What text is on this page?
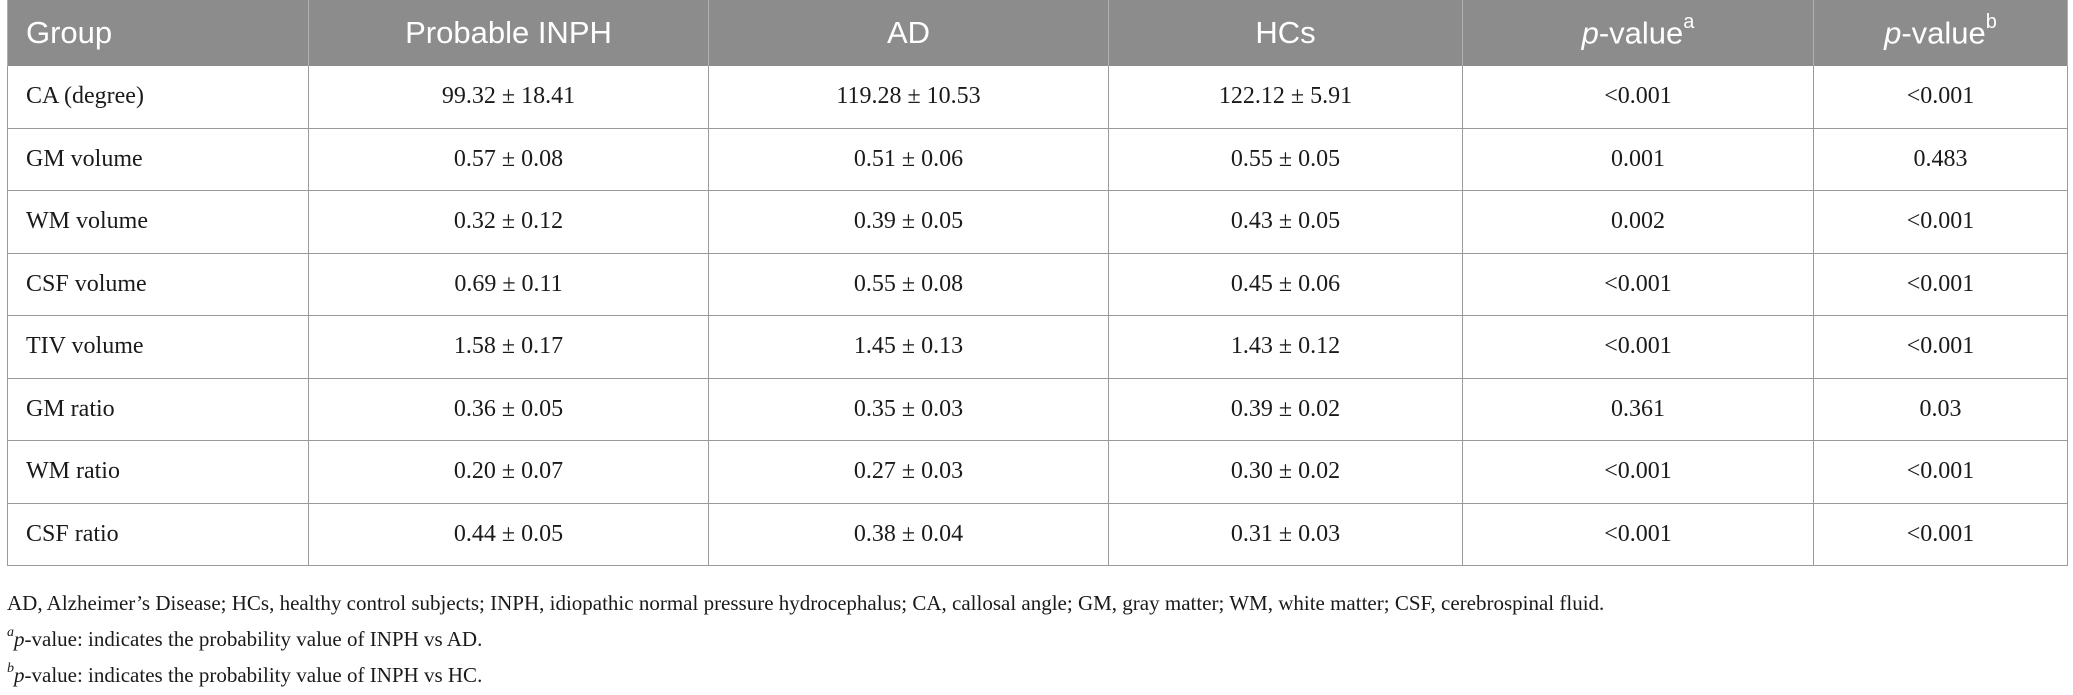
Group	Probable INPH	AD	HCs	p-value$^a$	p-value$^b$
CA (degree)	99.32 ± 18.41	119.28 ± 10.53	122.12 ± 5.91	<0.001	<0.001
GM volume	0.57 ± 0.08	0.51 ± 0.06	0.55 ± 0.05	0.001	0.483
WM volume	0.32 ± 0.12	0.39 ± 0.05	0.43 ± 0.05	0.002	<0.001
CSF volume	0.69 ± 0.11	0.55 ± 0.08	0.45 ± 0.06	<0.001	<0.001
TIV volume	1.58 ± 0.17	1.45 ± 0.13	1.43 ± 0.12	<0.001	<0.001
GM ratio	0.36 ± 0.05	0.35 ± 0.03	0.39 ± 0.02	0.361	0.03
WM ratio	0.20 ± 0.07	0.27 ± 0.03	0.30 ± 0.02	<0.001	<0.001
CSF ratio	0.44 ± 0.05	0.38 ± 0.04	0.31 ± 0.03	<0.001	<0.001
AD, Alzheimer’s Disease; HCs, healthy control subjects; INPH, idiopathic normal pressure hydrocephalus; CA, callosal angle; GM, gray matter; WM, white matter; CSF, cerebrospinal fluid.
$^a$p-value: indicates the probability value of INPH vs AD.
$^b$p-value: indicates the probability value of INPH vs HC.
